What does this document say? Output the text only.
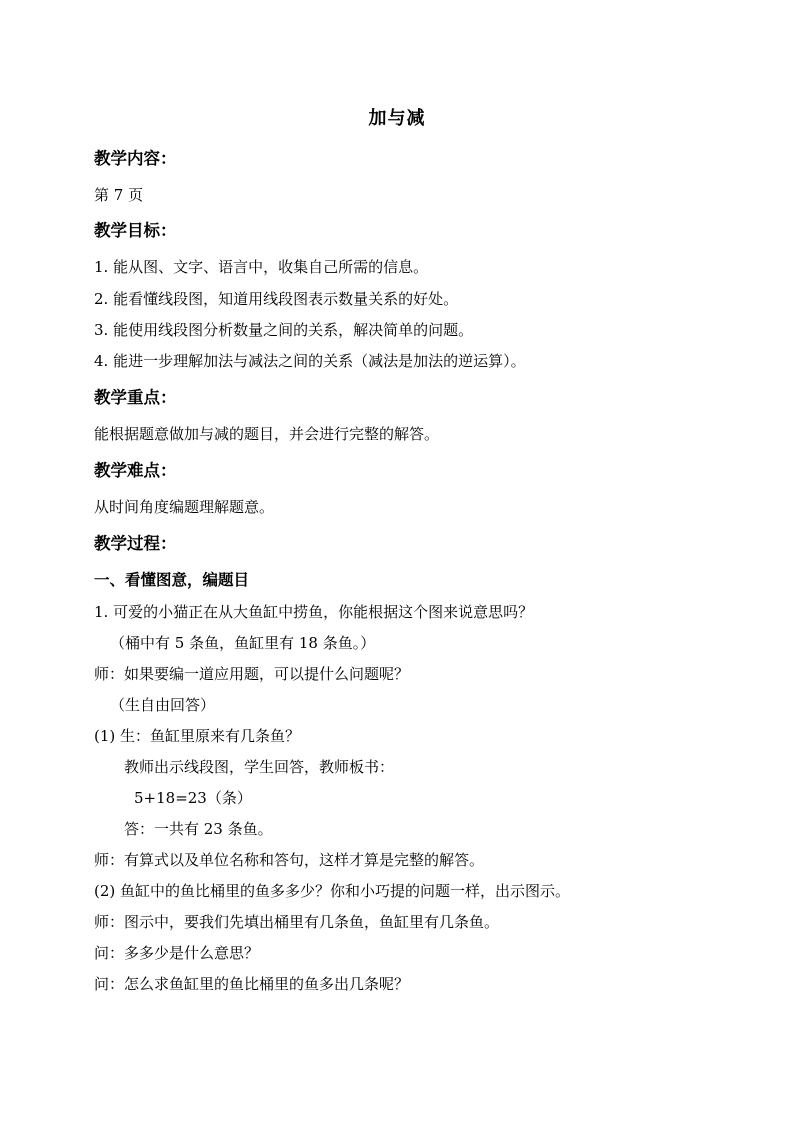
加与减
教学内容：
第 7 页
教学目标：
1. 能从图、文字、语言中，收集自己所需的信息。
2. 能看懂线段图，知道用线段图表示数量关系的好处。
3. 能使用线段图分析数量之间的关系，解决简单的问题。
4. 能进一步理解加法与减法之间的关系（减法是加法的逆运算）。
教学重点：
能根据题意做加与减的题目，并会进行完整的解答。
教学难点：
从时间角度编题理解题意。
教学过程：
一、看懂图意，编题目
1. 可爱的小猫正在从大鱼缸中捞鱼，你能根据这个图来说意思吗？
（桶中有 5 条鱼，鱼缸里有 18 条鱼。）
师：如果要编一道应用题，可以提什么问题呢？
（生自由回答）
(1) 生：鱼缸里原来有几条鱼？
教师出示线段图，学生回答，教师板书：
5+18=23（条）
答：一共有 23 条鱼。
师：有算式以及单位名称和答句，这样才算是完整的解答。
(2) 鱼缸中的鱼比桶里的鱼多多少？你和小巧提的问题一样，出示图示。
师：图示中，要我们先填出桶里有几条鱼，鱼缸里有几条鱼。
问：多多少是什么意思？
问：怎么求鱼缸里的鱼比桶里的鱼多出几条呢？
